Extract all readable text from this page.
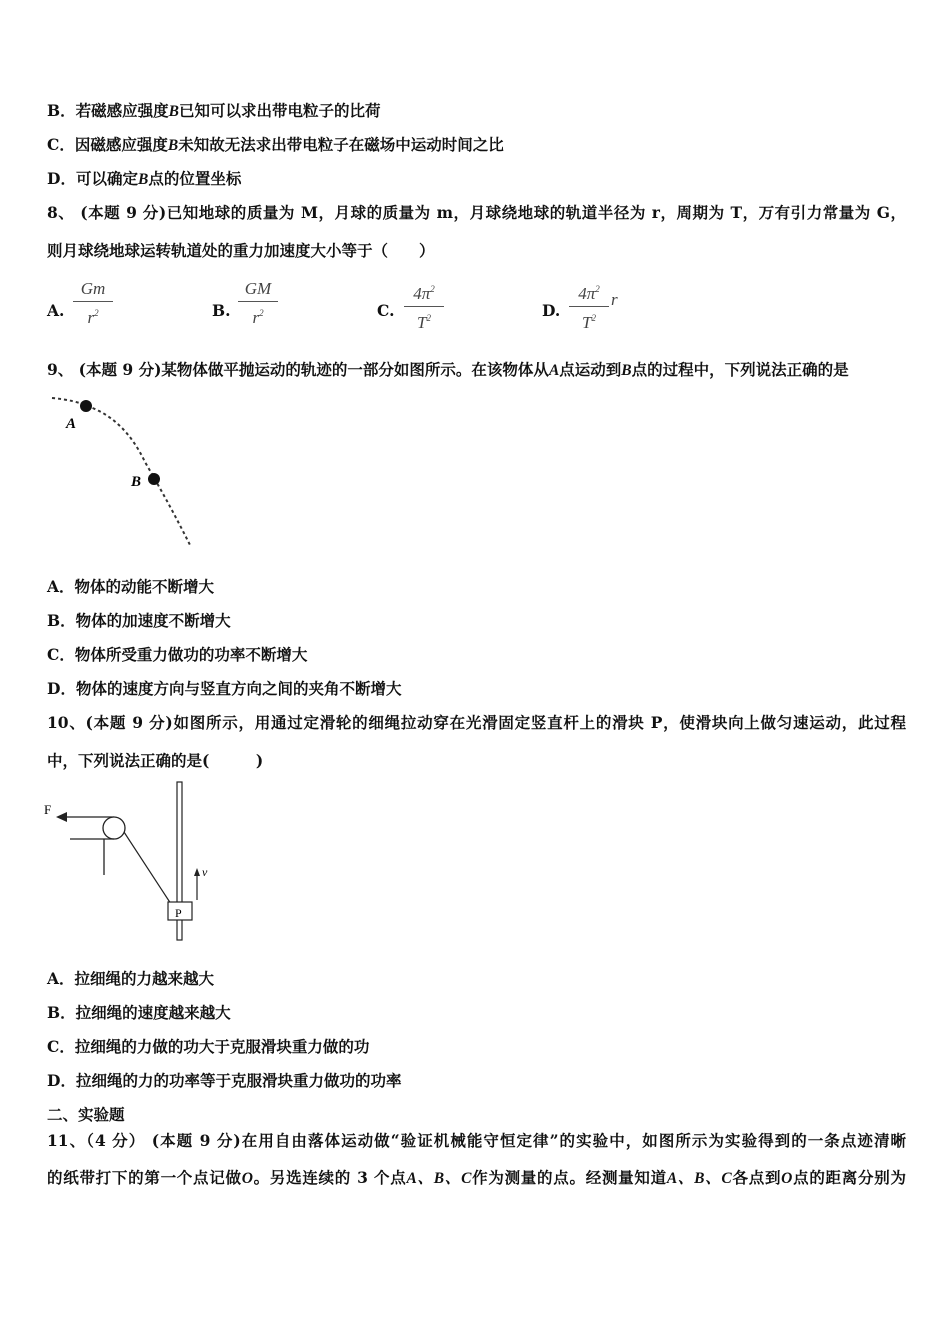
B．若磁感应强度B已知可以求出带电粒子的比荷
C．因磁感应强度B未知故无法求出带电粒子在磁场中运动时间之比
D．可以确定B点的位置坐标
8、 (本题 9 分)已知地球的质量为 M，月球的质量为 m，月球绕地球的轨道半径为 r，周期为 T，万有引力常量为 G，
则月球绕地球运转轨道处的重力加速度大小等于（　　）
A. $\frac{Gm}{r^2}$	B. $\frac{GM}{r^2}$	C. $\frac{4\pi^2}{T^2}$	D. $\frac{4\pi^2}{T^2}$ r
9、 (本题 9 分)某物体做平抛运动的轨迹的一部分如图所示。在该物体从A点运动到B点的过程中，下列说法正确的是
A
B
A．物体的动能不断增大
B．物体的加速度不断增大
C．物体所受重力做功的功率不断增大
D．物体的速度方向与竖直方向之间的夹角不断增大
10、(本题 9 分)如图所示，用通过定滑轮的细绳拉动穿在光滑固定竖直杆上的滑块 P，使滑块向上做匀速运动，此过程
中，下列说法正确的是(　　　)
F
P
v
A．拉细绳的力越来越大
B．拉细绳的速度越来越大
C．拉细绳的力做的功大于克服滑块重力做的功
D．拉细绳的力的功率等于克服滑块重力做功的功率
二、实验题
11、（4 分） (本题 9 分)在用自由落体运动做“验证机械能守恒定律”的实验中，如图所示为实验得到的一条点迹清晰
的纸带打下的第一个点记做O。另选连续的 3 个点A、B、C作为测量的点。经测量知道A、B、C各点到O点的距离分别为
